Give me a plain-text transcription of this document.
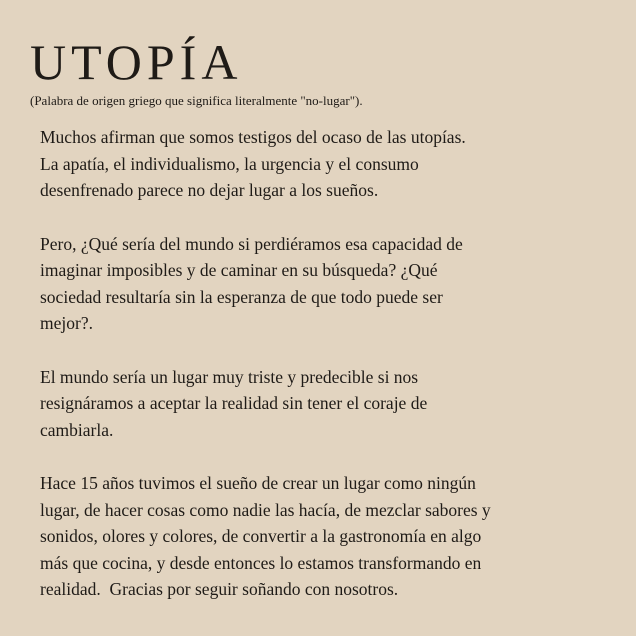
UTOPÍA

(Palabra de origen griego que significa literalmente "no-lugar").

Muchos afirman que somos testigos del ocaso de las utopías.
La apatía, el individualismo, la urgencia y el consumo
desenfrenado parece no dejar lugar a los sueños.

Pero, ¿Qué sería del mundo si perdiéramos esa capacidad de
imaginar imposibles y de caminar en su búsqueda? ¿Qué
sociedad resultaría sin la esperanza de que todo puede ser
mejor?.

El mundo sería un lugar muy triste y predecible si nos
resignáramos a aceptar la realidad sin tener el coraje de
cambiarla.

Hace 15 años tuvimos el sueño de crear un lugar como ningún
lugar, de hacer cosas como nadie las hacía, de mezclar sabores y
sonidos, olores y colores, de convertir a la gastronomía en algo
más que cocina, y desde entonces lo estamos transformando en
realidad.  Gracias por seguir soñando con nosotros.
